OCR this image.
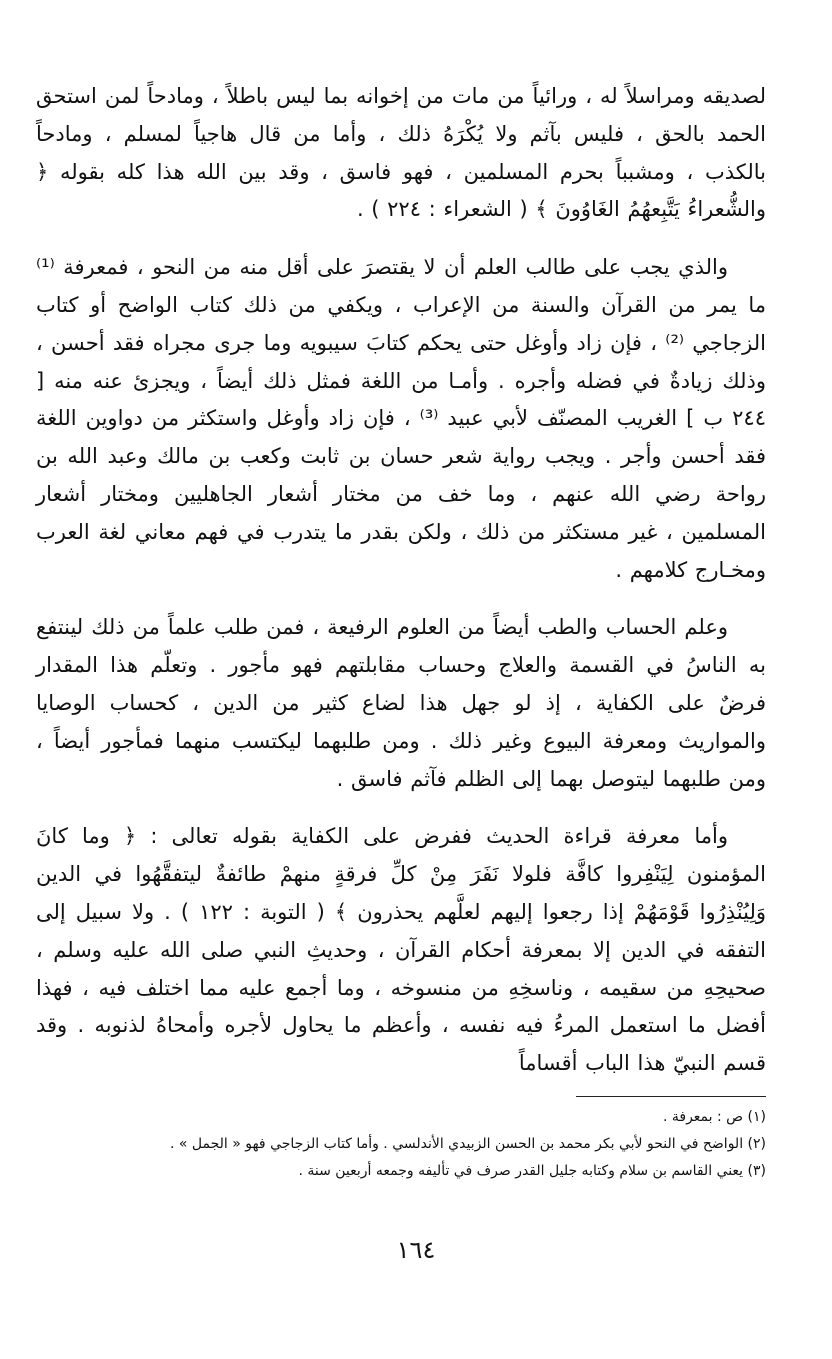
لصديقه ومراسلاً له ، ورائياً من مات من إخوانه بما ليس باطلاً ، ومادحاً لمن استحق الحمد بالحق ، فليس بآثم ولا يُكْرَهُ ذلك ، وأما من قال هاجياً لمسلم ، ومادحاً بالكذب ، ومشبباً بحرم المسلمين ، فهو فاسق ، وقد بين الله هذا كله بقوله ﴿ والشُّعراءُ يَتَّبِعهُمُ الغَاوُونَ ﴾ ( الشعراء : ٢٢٤ ) .

والذي يجب على طالب العلم أن لا يقتصرَ على أقل منه من النحو ، فمعرفة ⁽¹⁾ ما يمر من القرآن والسنة من الإعراب ، ويكفي من ذلك كتاب الواضح أو كتاب الزجاجي ⁽²⁾ ، فإن زاد وأوغل حتى يحكم كتابَ سيبويه وما جرى مجراه فقد أحسن ، وذلك زيادةٌ في فضله وأجره . وأمـا من اللغة فمثل ذلك أيضاً ، ويجزئ عنه منه [ ٢٤٤ ب ] الغريب المصنّف لأبي عبيد ⁽³⁾ ، فإن زاد وأوغل واستكثر من دواوين اللغة فقد أحسن وأجر . ويجب رواية شعر حسان بن ثابت وكعب بن مالك وعبد الله بن رواحة رضي الله عنهم ، وما خف من مختار أشعار الجاهليين ومختار أشعار المسلمين ، غير مستكثر من ذلك ، ولكن بقدر ما يتدرب في فهم معاني لغة العرب ومخـارج كلامهم .

وعلم الحساب والطب أيضاً من العلوم الرفيعة ، فمن طلب علماً من ذلك لينتفع به الناسُ في القسمة والعلاج وحساب مقابلتهم فهو مأجور . وتعلّم هذا المقدار فرضٌ على الكفاية ، إذ لو جهل هذا لضاع كثير من الدين ، كحساب الوصايا والمواريث ومعرفة البيوع وغير ذلك . ومن طلبهما ليكتسب منهما فمأجور أيضاً ، ومن طلبهما ليتوصل بهما إلى الظلم فآثم فاسق .

وأما معرفة قراءة الحديث ففرض على الكفاية بقوله تعالى : ﴿ وما كانَ المؤمنون لِيَنْفِروا كافَّة فلولا نَفَرَ مِنْ كلِّ فرقةٍ منهمْ طائفةٌ ليتفقَّهُوا في الدين وَلِيُنْذِرُوا قَوْمَهُمْ إذا رجعوا إليهم لعلَّهم يحذرون ﴾ ( التوبة : ١٢٢ ) . ولا سبيل إلى التفقه في الدين إلا بمعرفة أحكام القرآن ، وحديثِ النبي صلى الله عليه وسلم ، صحيحِهِ من سقيمه ، وناسخِهِ من منسوخه ، وما أجمع عليه مما اختلف فيه ، فهذا أفضل ما استعمل المرءُ فيه نفسه ، وأعظم ما يحاول لأجره وأمحاهُ لذنوبه . وقد قسم النبيّ هذا الباب أقساماً

(١) ص : بمعرفة .

(٢) الواضح في النحو لأبي بكر محمد بن الحسن الزبيدي الأندلسي . وأما كتاب الزجاجي فهو « الجمل » .

(٣) يعني القاسم بن سلام وكتابه جليل القدر صرف في تأليفه وجمعه أربعين سنة .

١٦٤
